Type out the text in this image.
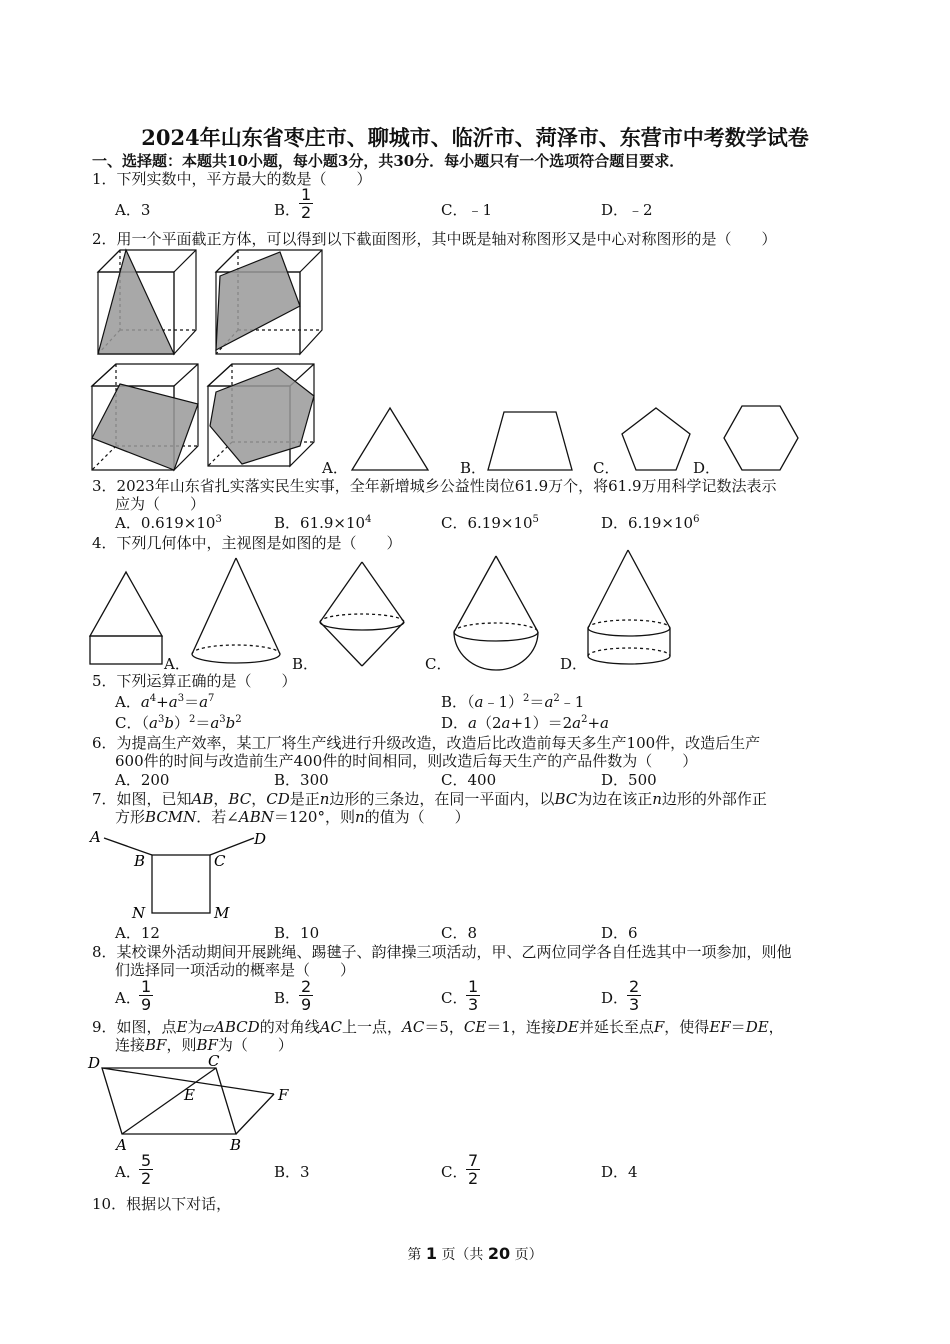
2024年山东省枣庄市、聊城市、临沂市、菏泽市、东营市中考数学试卷
一、选择题：本题共10小题，每小题3分，共30分．每小题只有一个选项符合题目要求．
1．下列实数中，平方最大的数是（　　）
A．3	B．
$\frac{1}{2}$	C．﹣1	D．﹣2
2．用一个平面截正方体，可以得到以下截面图形，其中既是轴对称图形又是中心对称图形的是（　　）
A．	B．	C．	D．
3．2023年山东省扎实落实民生实事，全年新增城乡公益性岗位61.9万个，将61.9万用科学记数法表示
应为（　　）
A．$0.619\times 10^3$	B．$61.9\times 10^4$	C．$6.19\times 10^5$	D．$6.19\times 10^6$
4．下列几何体中，主视图是如图的是（　　）
A．	B．	C．	D．
5．下列运算正确的是（　　）
A．$a^4+a^3=a^7$	B．$(a﹣1)^2=a^2﹣1$
C．$(a^3b)^2=a^3b^2$	D．$a(2a+1)=2a^2+a$
6．为提高生产效率，某工厂将生产线进行升级改造，改造后比改造前每天多生产100件，改造后生产
600件的时间与改造前生产400件的时间相同，则改造后每天生产的产品件数为（　　）
A．200	B．300	C．400	D．500
7．如图，已知AB，BC，CD是正n边形的三条边，在同一平面内，以BC为边在该正n边形的外部作正
方形BCMN．若∠ABN＝120°，则n的值为（　　）
A
B	C
D
N	M
A．12	B．10	C．8	D．6
8．某校课外活动期间开展跳绳、踢毽子、韵律操三项活动，甲、乙两位同学各自任选其中一项参加，则他
们选择同一项活动的概率是（　　）
A．
$\frac{1}{9}$	B．
$\frac{2}{9}$	C．
$\frac{1}{3}$	D．
$\frac{2}{3}$
9．如图，点E为▱ABCD的对角线AC上一点，AC＝5，CE＝1，连接DE并延长至点F，使得EF＝DE，
连接BF，则BF为（　　）
D	C
E	F
A	B
A．
$\frac{5}{2}$	B．3	C．
$\frac{7}{2}$	D．4
10．根据以下对话，
第 1 页（共 20 页）
